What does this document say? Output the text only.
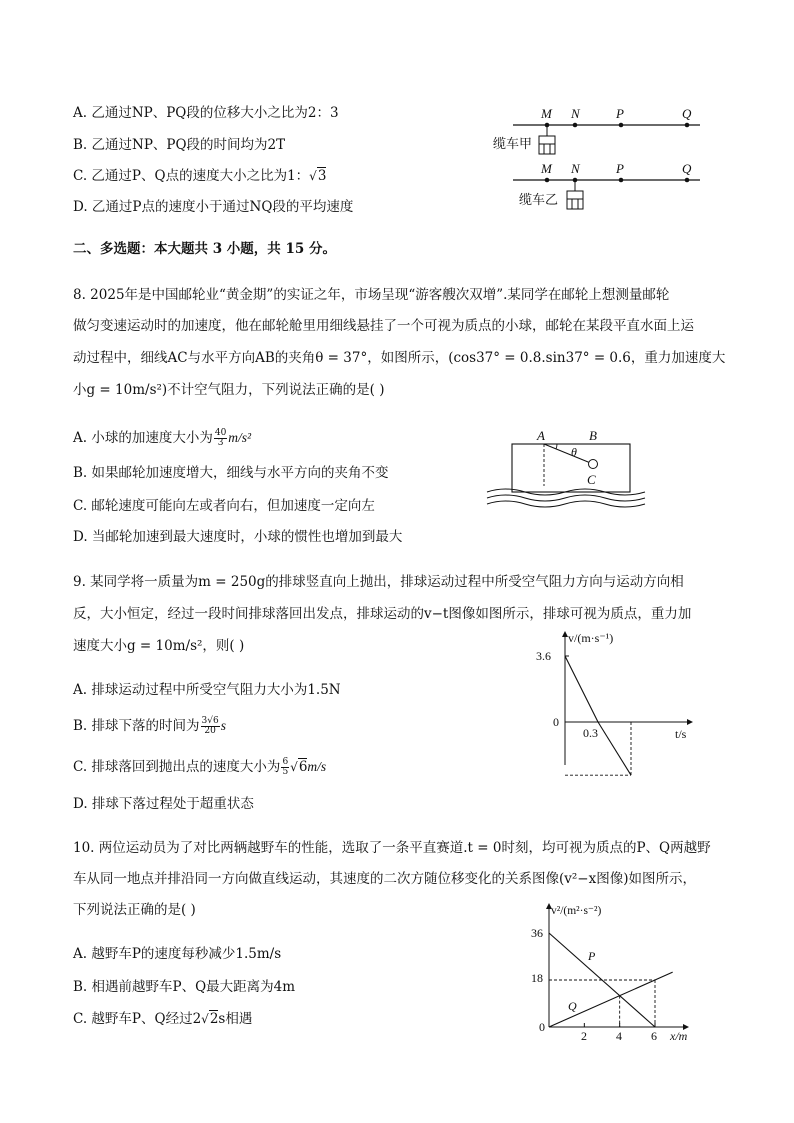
A. 乙通过NP、PQ段的位移大小之比为2：3
B. 乙通过NP、PQ段的时间均为2T
C. 乙通过P、Q点的速度大小之比为1：√3
D. 乙通过P点的速度小于通过NQ段的平均速度
M N	P	Q
缆车甲
M N	P	Q
缆车乙
二、多选题：本大题共 3 小题，共 15 分。
8. 2025年是中国邮轮业“黄金期”的实证之年，市场呈现“游客艘次双增”.某同学在邮轮上想测量邮轮
做匀变速运动时的加速度，他在邮轮舱里用细线悬挂了一个可视为质点的小球，邮轮在某段平直水面上运
动过程中，细线AC与水平方向AB的夹角θ = 37°，如图所示，(cos37° = 0.8.sin37° = 0.6，重力加速度大
小g = 10m/s²)不计空气阻力，下列说法正确的是( )
A. 小球的加速度大小为 $\frac{40}{3} m/s^2$
B. 如果邮轮加速度增大，细线与水平方向的夹角不变
C. 邮轮速度可能向左或者向右，但加速度一定向左
D. 当邮轮加速到最大速度时，小球的惯性也增加到最大
A	B
θ
C
9. 某同学将一质量为m = 250g的排球竖直向上抛出，排球运动过程中所受空气阻力方向与运动方向相
反，大小恒定，经过一段时间排球落回出发点，排球运动的v−t图像如图所示，排球可视为质点，重力加
速度大小g = 10m/s²，则( )
A. 排球运动过程中所受空气阻力大小为1.5N
B. 排球下落的时间为 $\frac{3√6}{20}$ s
C. 排球落回到抛出点的速度大小为 $\frac{6}{5} √6m/s$
D. 排球下落过程处于超重状态
v/(m·s⁻¹)
t/s
3.6
0
0.3
10. 两位运动员为了对比两辆越野车的性能，选取了一条平直赛道.t = 0时刻，均可视为质点的P、Q两越野
车从同一地点并排沿同一方向做直线运动，其速度的二次方随位移变化的关系图像(v²−x图像)如图所示，
下列说法正确的是( )
A. 越野车P的速度每秒减少1.5m/s
B. 相遇前越野车P、Q最大距离为4m
C. 越野车P、Q经过2√2s相遇
v²/(m²·s⁻²)
x/m
36
18
0
2 4 6
P
Q
